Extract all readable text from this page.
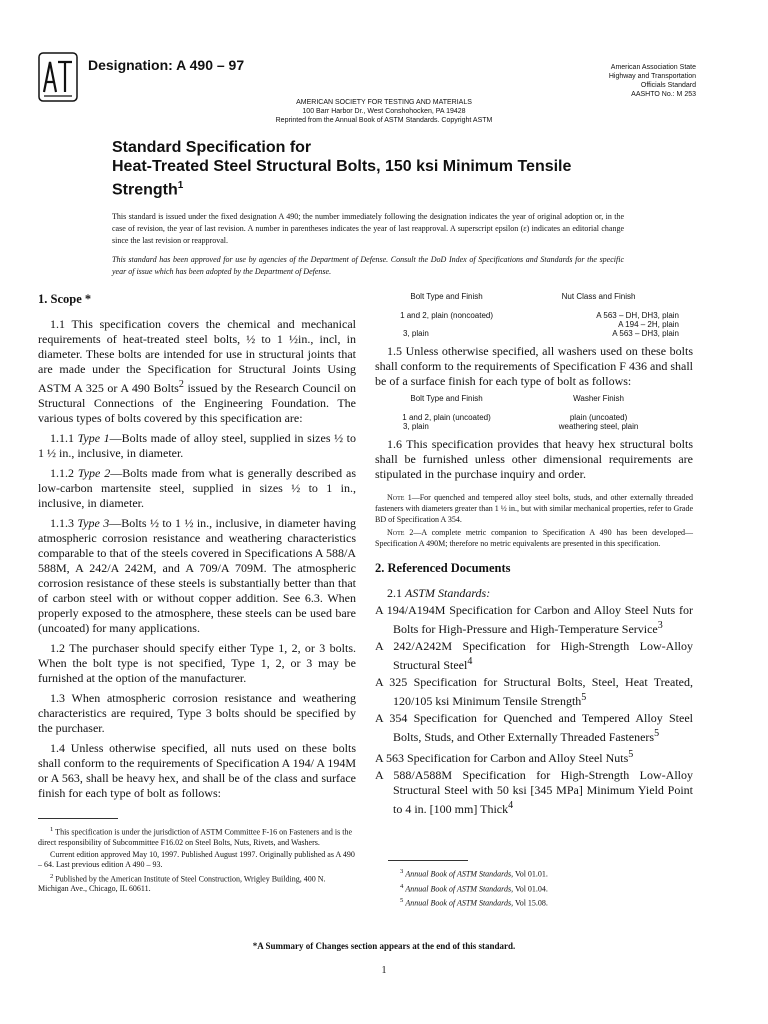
Designation: A 490 – 97	American Association State
Highway and Transportation
Officials Standard
AASHTO No.: M 253
AMERICAN SOCIETY FOR TESTING AND MATERIALS
100 Barr Harbor Dr., West Conshohocken, PA 19428
Reprinted from the Annual Book of ASTM Standards. Copyright ASTM
Standard Specification for
Heat-Treated Steel Structural Bolts, 150 ksi Minimum Tensile
Strength$^1$
This standard is issued under the fixed designation A 490; the number immediately following the designation indicates the year of original adoption or, in the case of revision, the year of last revision. A number in parentheses indicates the year of last reapproval. A superscript epsilon (ε) indicates an editorial change since the last revision or reapproval.
This standard has been approved for use by agencies of the Department of Defense. Consult the DoD Index of Specifications and Standards for the specific year of issue which has been adopted by the Department of Defense.
1. Scope *

1.1 This specification covers the chemical and mechanical requirements of heat-treated steel bolts, ½ to 1 ½in., incl, in diameter. These bolts are intended for use in structural joints that are made under the Specification for Structural Joints Using ASTM A 325 or A 490 Bolts$^2$ issued by the Research Council on Structural Connections of the Engineering Foundation. The various types of bolts covered by this specification are:

1.1.1 Type 1—Bolts made of alloy steel, supplied in sizes ½ to 1 ½ in., inclusive, in diameter.

1.1.2 Type 2—Bolts made from what is generally described as low-carbon martensite steel, supplied in sizes ½ to 1 in., inclusive, in diameter.

1.1.3 Type 3—Bolts ½ to 1 ½ in., inclusive, in diameter having atmospheric corrosion resistance and weathering characteristics comparable to that of the steels covered in Specifications A 588/A 588M, A 242/A 242M, and A 709/A 709M. The atmospheric corrosion resistance of these steels is substantially better than that of carbon steel with or without copper addition. See 6.3. When properly exposed to the atmosphere, these steels can be used bare (uncoated) for many applications.

1.2 The purchaser should specify either Type 1, 2, or 3 bolts. When the bolt type is not specified, Type 1, 2, or 3 may be furnished at the option of the manufacturer.

1.3 When atmospheric corrosion resistance and weathering characteristics are required, Type 3 bolts should be specified by the purchaser.

1.4 Unless otherwise specified, all nuts used on these bolts shall conform to the requirements of Specification A 194/ A 194M or A 563, shall be heavy hex, and shall be of the class and surface finish for each type of bolt as follows:

$^1$ This specification is under the jurisdiction of ASTM Committee F-16 on Fasteners and is the direct responsibility of Subcommittee F16.02 on Steel Bolts, Nuts, Rivets, and Washers.
Current edition approved May 10, 1997. Published August 1997. Originally published as A 490 – 64. Last previous edition A 490 – 93.
$^2$ Published by the American Institute of Steel Construction, Wrigley Building, 400 N. Michigan Ave., Chicago, IL 60611.
Bolt Type and Finish	Nut Class and Finish
1 and 2, plain (noncoated)	A 563 – DH, DH3, plain
	A 194 – 2H, plain
3, plain	A 563 – DH3, plain

1.5 Unless otherwise specified, all washers used on these bolts shall conform to the requirements of Specification F 436 and shall be of a surface finish for each type of bolt as follows:

Bolt Type and Finish	Washer Finish
1 and 2, plain (uncoated)	plain (uncoated)
3, plain	weathering steel, plain

1.6 This specification provides that heavy hex structural bolts shall be furnished unless other dimensional requirements are stipulated in the purchase inquiry and order.

Note 1—For quenched and tempered alloy steel bolts, studs, and other externally threaded fasteners with diameters greater than 1 ½ in., but with similar mechanical properties, refer to Grade BD of Specification A 354.
Note 2—A complete metric companion to Specification A 490 has been developed—Specification A 490M; therefore no metric equivalents are presented in this specification.
2. Referenced Documents

2.1 ASTM Standards:

A 194/A194M Specification for Carbon and Alloy Steel Nuts for Bolts for High-Pressure and High-Temperature Service$^3$
A 242/A242M Specification for High-Strength Low-Alloy Structural Steel$^4$
A 325 Specification for Structural Bolts, Steel, Heat Treated, 120/105 ksi Minimum Tensile Strength$^5$
A 354 Specification for Quenched and Tempered Alloy Steel Bolts, Studs, and Other Externally Threaded Fasteners$^5$
A 563 Specification for Carbon and Alloy Steel Nuts$^5$
A 588/A588M Specification for High-Strength Low-Alloy Structural Steel with 50 ksi [345 MPa] Minimum Yield Point to 4 in. [100 mm] Thick$^4$
$^3$ Annual Book of ASTM Standards, Vol 01.01.
$^4$ Annual Book of ASTM Standards, Vol 01.04.
$^5$ Annual Book of ASTM Standards, Vol 15.08.
*A Summary of Changes section appears at the end of this standard.
1
